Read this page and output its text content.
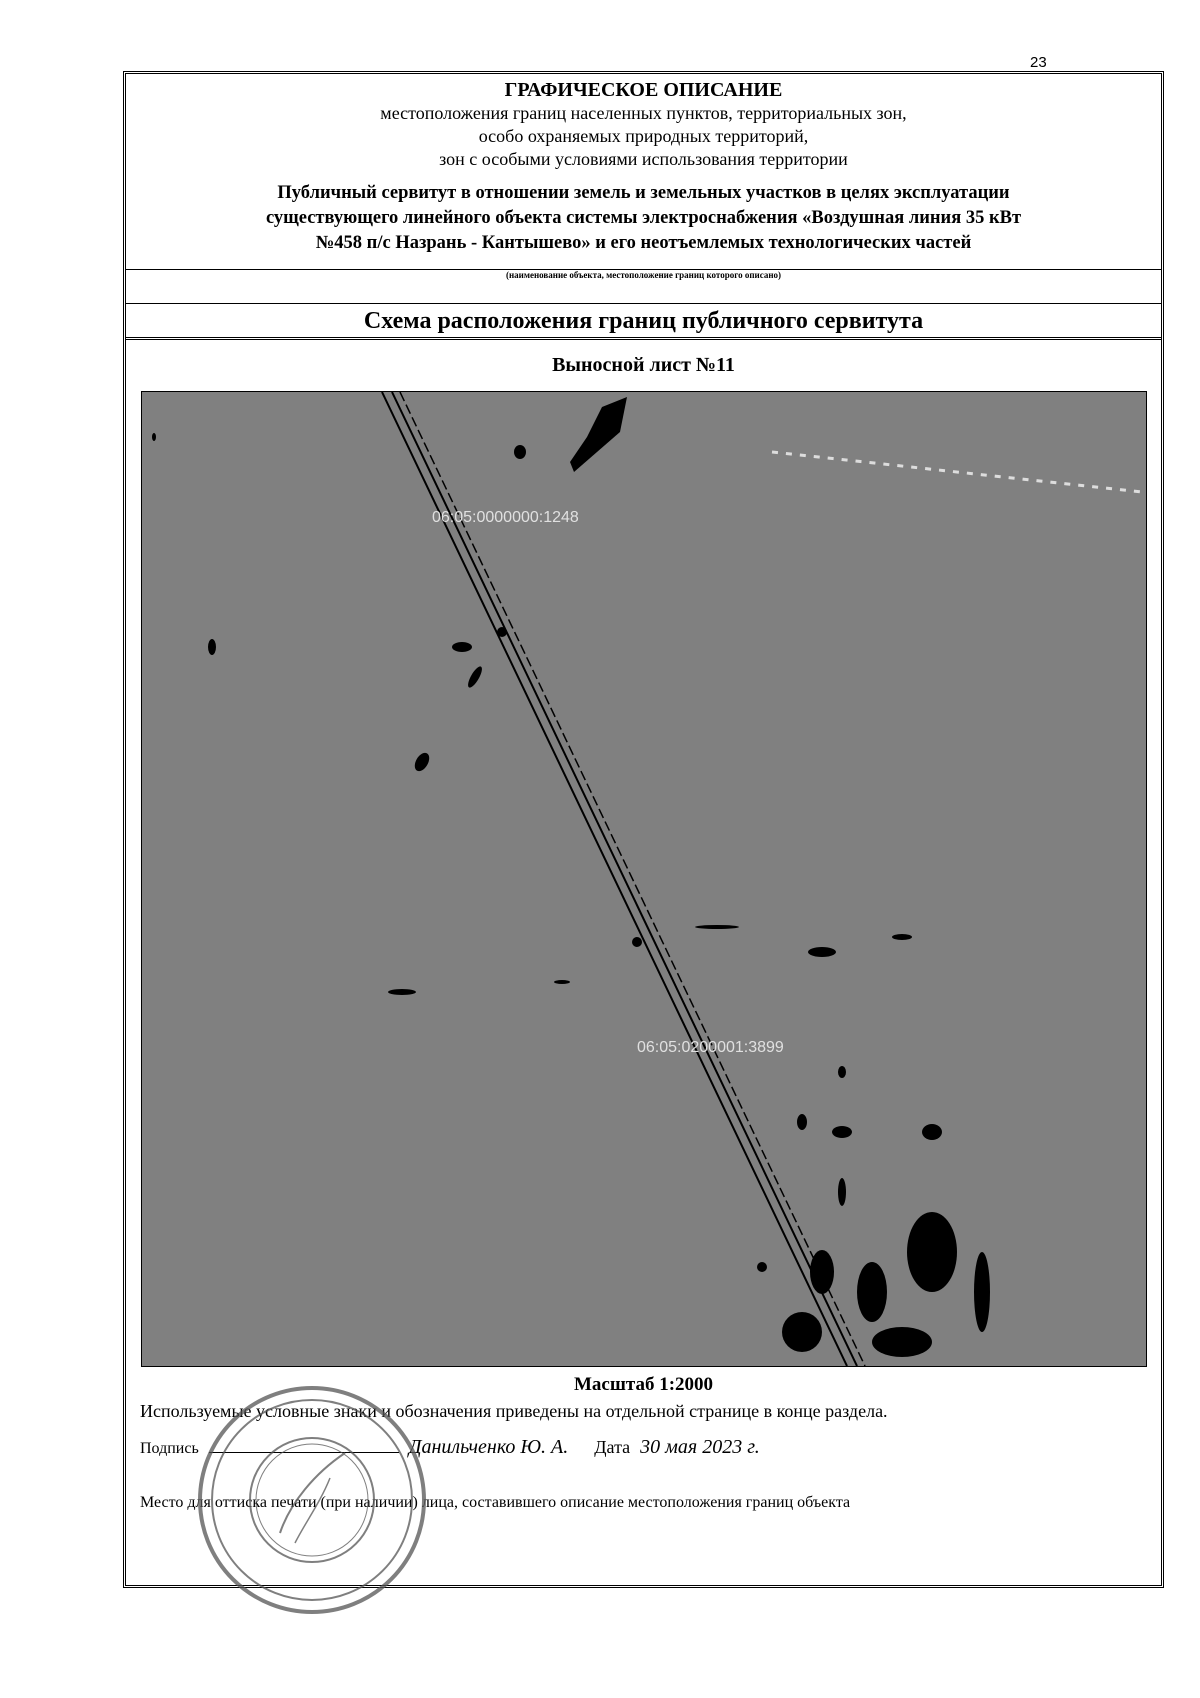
23
ГРАФИЧЕСКОЕ ОПИСАНИЕ
местоположения границ населенных пунктов, территориальных зон,
особо охраняемых природных территорий,
зон с особыми условиями использования территории
Публичный сервитут в отношении земель и земельных участков в целях эксплуатации
существующего линейного объекта системы электроснабжения «Воздушная линия 35 кВт
№458 п/с Назрань - Кантышево» и его неотъемлемых технологических частей
(наименование объекта, местоположение границ которого описано)
Схема расположения границ публичного сервитута
Выносной лист №11
06:05:0000000:1248
06:05:0200001:3899
Масштаб 1:2000
Используемые условные знаки и обозначения приведены на отдельной странице в конце раздела.
Подпись	Данильченко Ю. А. Дата 30 мая 2023 г.
Место для оттиска печати (при наличии) лица, составившего описание местоположения границ объекта
